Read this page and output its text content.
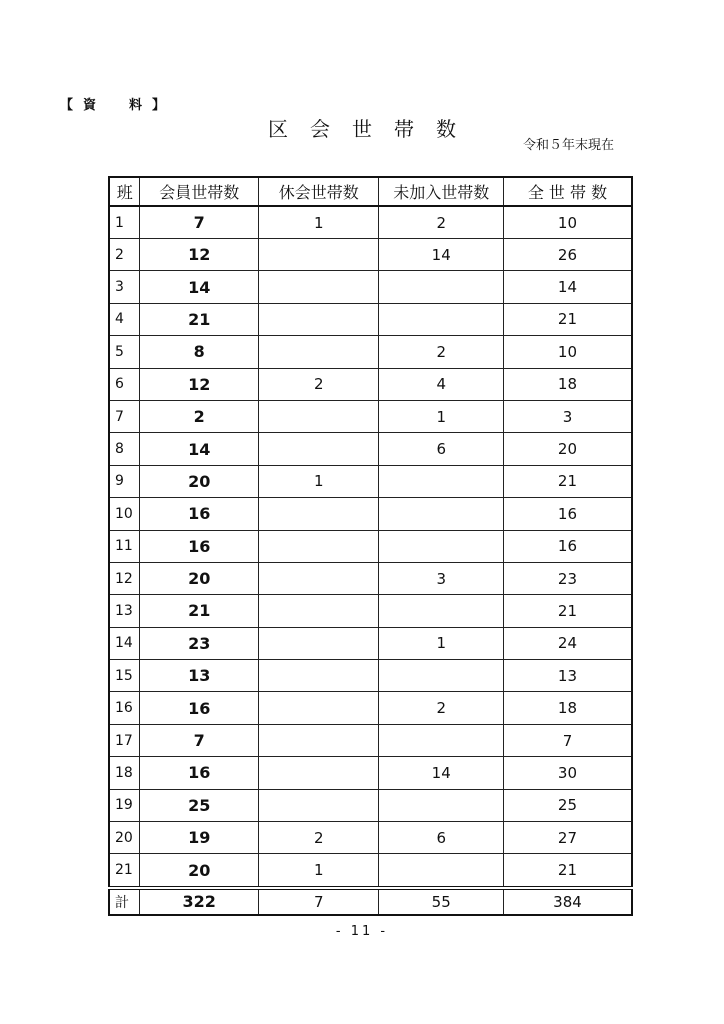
【資　料】
区会世帯数
令和５年末現在
班	会員世帯数	休会世帯数	未加入世帯数	全 世 帯 数
1	7	1	2	10
2	12		14	26
3	14			14
4	21			21
5	8		2	10
6	12	2	4	18
7	2		1	3
8	14		6	20
9	20	1		21
10	16			16
11	16			16
12	20		3	23
13	21			21
14	23		1	24
15	13			13
16	16		2	18
17	7			7
18	16		14	30
19	25			25
20	19	2	6	27
21	20	1		21
計	322	7	55	384
- 11 -
